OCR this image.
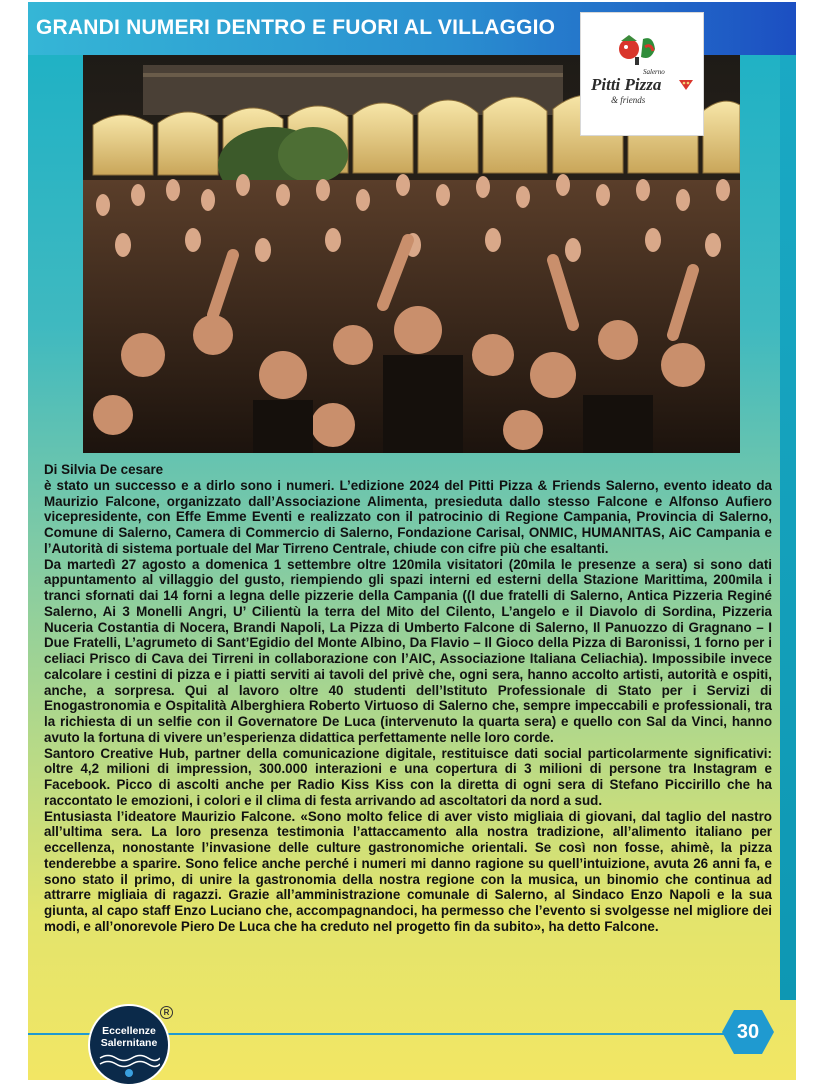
GRANDI NUMERI DENTRO E FUORI AL VILLAGGIO
Salerno
Pitti Pizza
& friends
Di Silvia De cesare

è stato un successo e a dirlo sono i numeri. L’edizione 2024 del Pitti Pizza & Friends Salerno, evento ideato da Maurizio Falcone, organizzato dall’Associazione Alimenta, presieduta dallo stesso Falcone e Alfonso Aufiero vicepresidente, con Effe Emme Eventi e realizzato con il patrocinio di Regione Campania, Provincia di Salerno, Comune di Salerno, Camera di Commercio di Salerno, Fondazione Carisal, ONMIC, HUMANITAS, AiC Campania e l’Autorità di sistema portuale del Mar Tirreno Centrale, chiude con cifre più che esaltanti.

Da martedì 27 agosto a domenica 1 settembre oltre 120mila visitatori (20mila le presenze a sera) si sono dati appuntamento al villaggio del gusto, riempiendo gli spazi interni ed esterni della Stazione Marittima, 200mila i tranci sfornati dai 14 forni a legna delle pizzerie della Campania ((I due fratelli di Salerno, Antica Pizzeria Reginé Salerno, Ai 3 Monelli Angri, U’ Cilientù la terra del Mito del Cilento, L’angelo e il Diavolo di Sordina, Pizzeria Nuceria Costantia di Nocera, Brandi Napoli, La Pizza di Umberto Falcone di Salerno, Il Panuozzo di Gragnano – I Due Fratelli, L’agrumeto di Sant’Egidio del Monte Albino, Da Flavio – Il Gioco della Pizza di Baronissi, 1 forno per i celiaci Prisco di Cava dei Tirreni in collaborazione con l’AIC, Associazione Italiana Celiachia). Impossibile invece calcolare i cestini di pizza e i piatti serviti ai tavoli del privè che, ogni sera, hanno accolto artisti, autorità e ospiti, anche, a sorpresa. Qui al lavoro oltre 40 studenti dell’Istituto Professionale di Stato per i Servizi di Enogastronomia e Ospitalità Alberghiera Roberto Virtuoso di Salerno che, sempre impeccabili e professionali, tra la richiesta di un selfie con il Governatore De Luca (intervenuto la quarta sera) e quello con Sal da Vinci, hanno avuto la fortuna di vivere un’esperienza didattica perfettamente nelle loro corde.

Santoro Creative Hub, partner della comunicazione digitale, restituisce dati social particolarmente significativi: oltre 4,2 milioni di impression, 300.000 interazioni e una copertura di 3 milioni di persone tra Instagram e Facebook. Picco di ascolti anche per Radio Kiss Kiss con la diretta di ogni sera di Stefano Piccirillo che ha raccontato le emozioni, i colori e il clima di festa arrivando ad ascoltatori da nord a sud.

Entusiasta l’ideatore Maurizio Falcone. «Sono molto felice di aver visto migliaia di giovani, dal taglio del nastro all’ultima sera. La loro presenza testimonia l’attaccamento alla nostra tradizione, all’alimento italiano per eccellenza, nonostante l’invasione delle culture gastronomiche orientali. Se così non fosse, ahimè, la pizza tenderebbe a sparire. Sono felice anche perché i numeri mi danno ragione su quell’intuizione, avuta 26 anni fa, e sono stato il primo, di unire la gastronomia della nostra regione con la musica, un binomio che continua ad attrarre migliaia di ragazzi. Grazie all’amministrazione comunale di Salerno, al Sindaco Enzo Napoli e la sua giunta, al capo staff Enzo Luciano che, accompagnandoci, ha permesso che l’evento si svolgesse nel migliore dei modi, e all’onorevole Piero De Luca che ha creduto nel progetto fin da subito», ha detto Falcone.

Eccellenze
Salernitane
R
30
